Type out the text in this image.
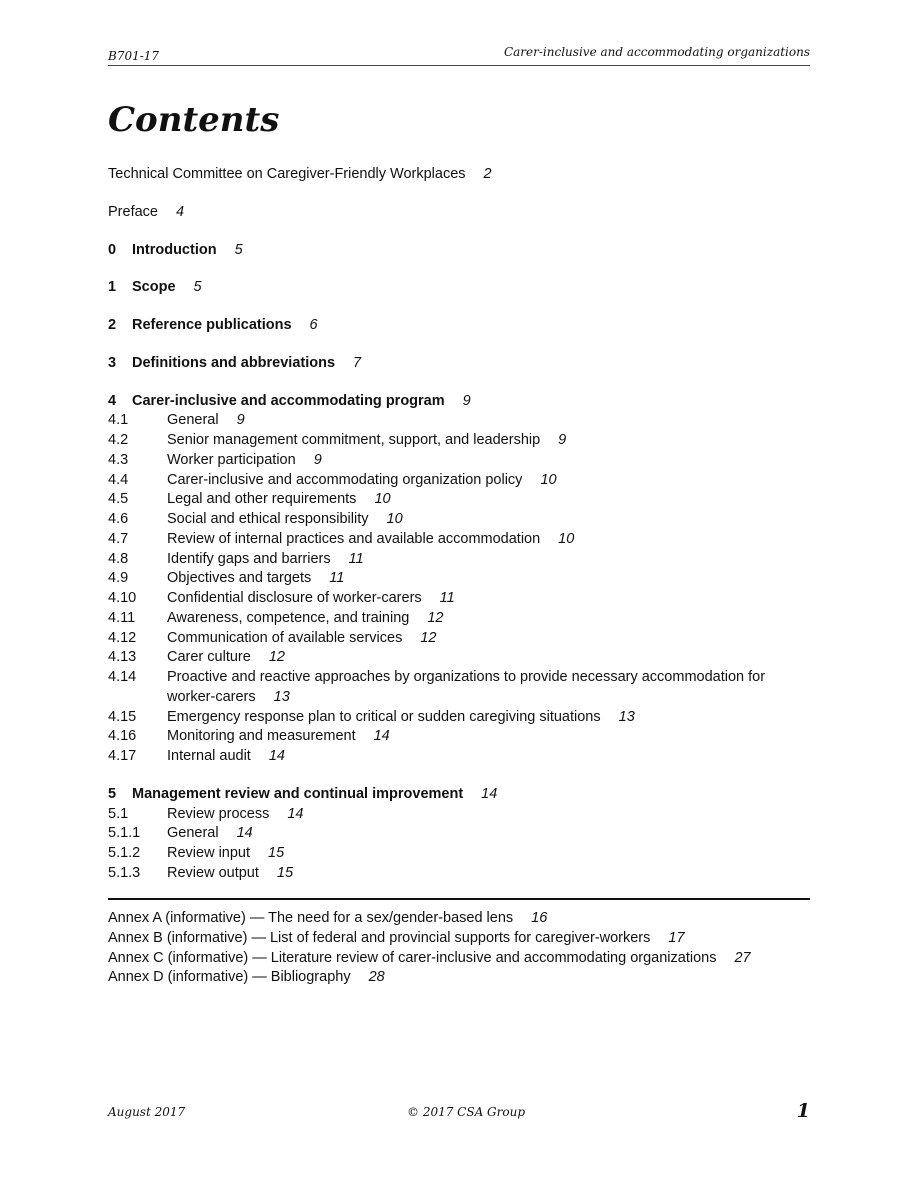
B701-17	Carer-inclusive and accommodating organizations
Contents
Technical Committee on Caregiver-Friendly Workplaces 2
Preface 4
0 Introduction 5
1 Scope 5
2 Reference publications 6
3 Definitions and abbreviations 7
4 Carer-inclusive and accommodating program 9
4.1	General 9
4.2	Senior management commitment, support, and leadership 9
4.3	Worker participation 9
4.4	Carer-inclusive and accommodating organization policy 10
4.5	Legal and other requirements 10
4.6	Social and ethical responsibility 10
4.7	Review of internal practices and available accommodation 10
4.8	Identify gaps and barriers 11
4.9	Objectives and targets 11
4.10 Confidential disclosure of worker-carers 11
4.11 Awareness, competence, and training 12
4.12 Communication of available services 12
4.13 Carer culture 12
4.14 Proactive and reactive approaches by organizations to provide necessary accommodation for worker-carers 13
4.15 Emergency response plan to critical or sudden caregiving situations 13
4.16 Monitoring and measurement 14
4.17 Internal audit 14
5 Management review and continual improvement 14
5.1	Review process 14
5.1.1 General 14
5.1.2 Review input 15
5.1.3 Review output 15
Annex A (informative) — The need for a sex/gender-based lens 16
Annex B (informative) — List of federal and provincial supports for caregiver-workers 17
Annex C (informative) — Literature review of carer-inclusive and accommodating organizations 27
Annex D (informative) — Bibliography 28
August 2017	© 2017 CSA Group	1
